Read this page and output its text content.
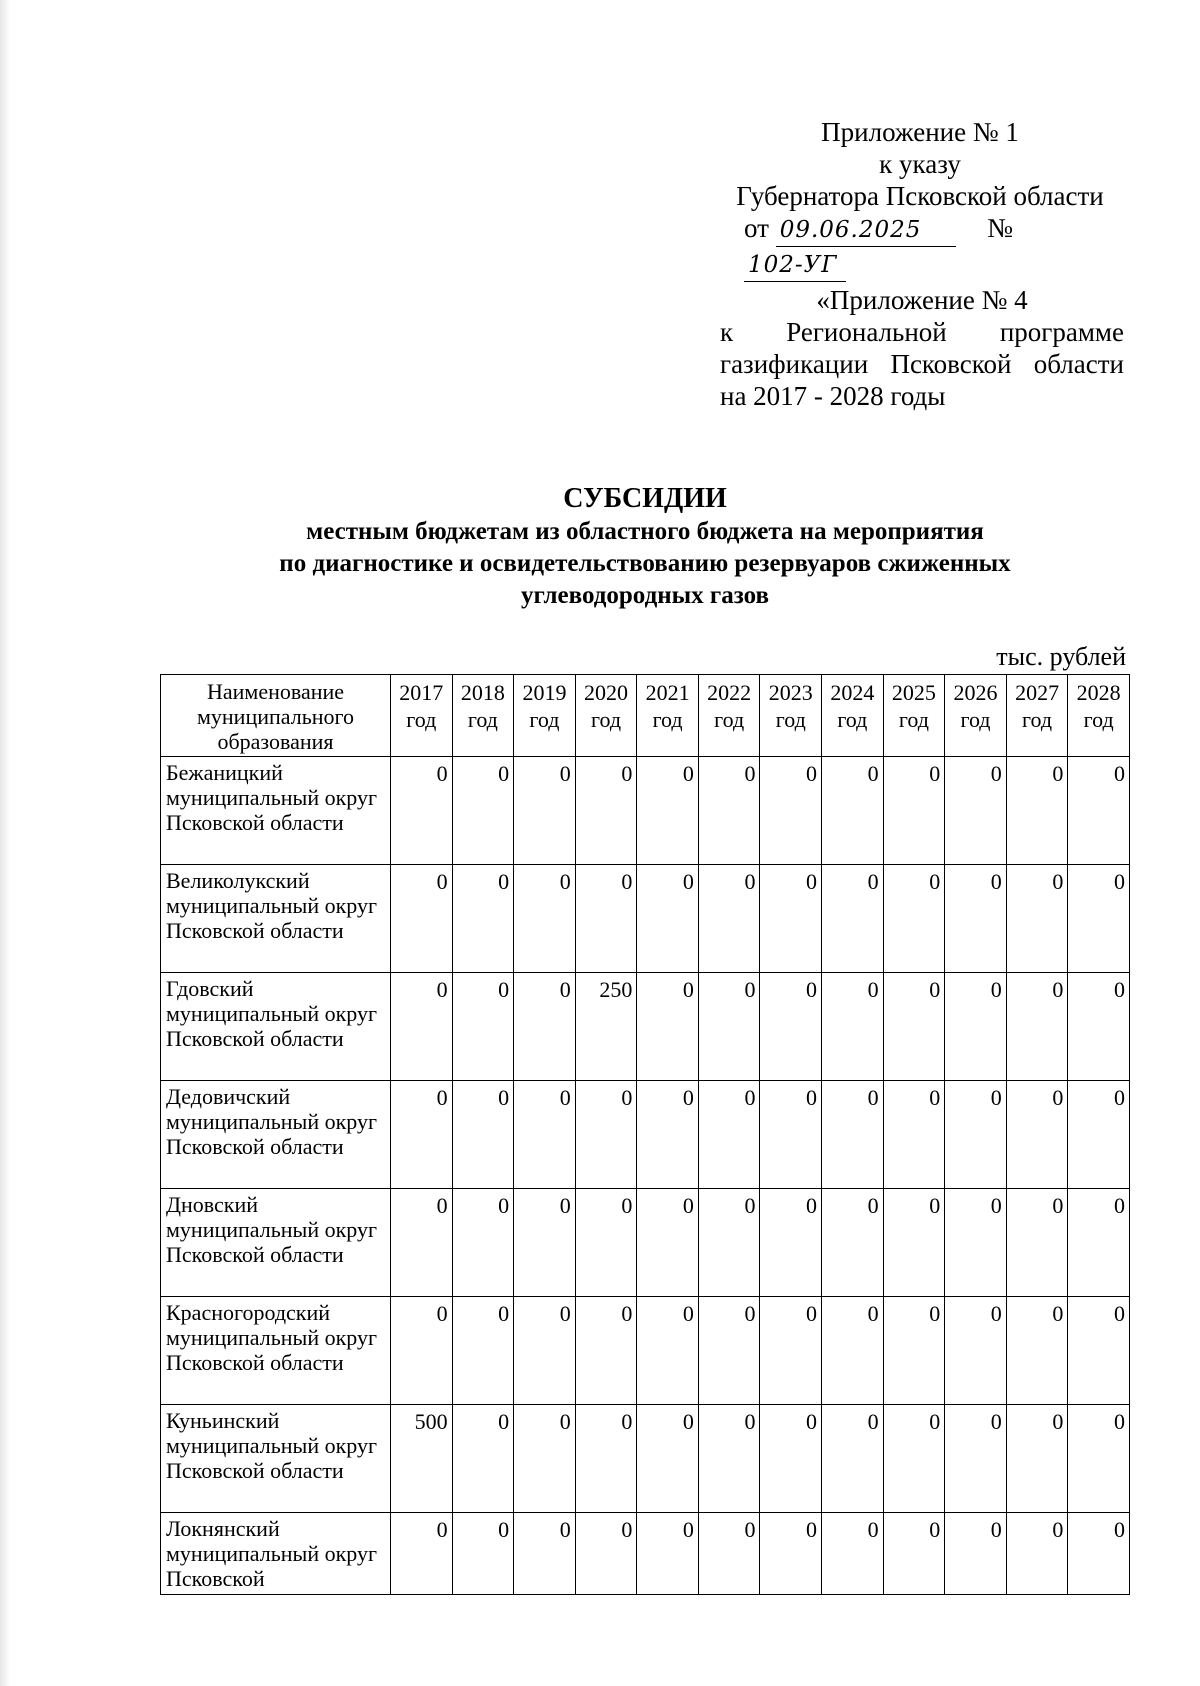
Приложение № 1
к указу
Губернатора Псковской области
от 09.06.2025 № 102-УГ
«Приложение № 4
к Региональной программе
газификации Псковской области
на 2017 - 2028 годы
СУБСИДИИ
местным бюджетам из областного бюджета на мероприятия
по диагностике и освидетельствованию резервуаров сжиженных
углеводородных газов
тыс. рублей
Наименование муниципального образования	2017 год	2018 год	2019 год	2020 год	2021 год	2022 год	2023 год	2024 год	2025 год	2026 год	2027 год	2028 год
Бежаницкий муниципальный округ Псковской области	0	0	0	0	0	0	0	0	0	0	0	0
Великолукский муниципальный округ Псковской области	0	0	0	0	0	0	0	0	0	0	0	0
Гдовский муниципальный округ Псковской области	0	0	0	250	0	0	0	0	0	0	0	0
Дедовичский муниципальный округ Псковской области	0	0	0	0	0	0	0	0	0	0	0	0
Дновский муниципальный округ Псковской области	0	0	0	0	0	0	0	0	0	0	0	0
Красногородский муниципальный округ Псковской области	0	0	0	0	0	0	0	0	0	0	0	0
Куньинский муниципальный округ Псковской области	500	0	0	0	0	0	0	0	0	0	0	0
Локнянский муниципальный округ Псковской	0	0	0	0	0	0	0	0	0	0	0	0
